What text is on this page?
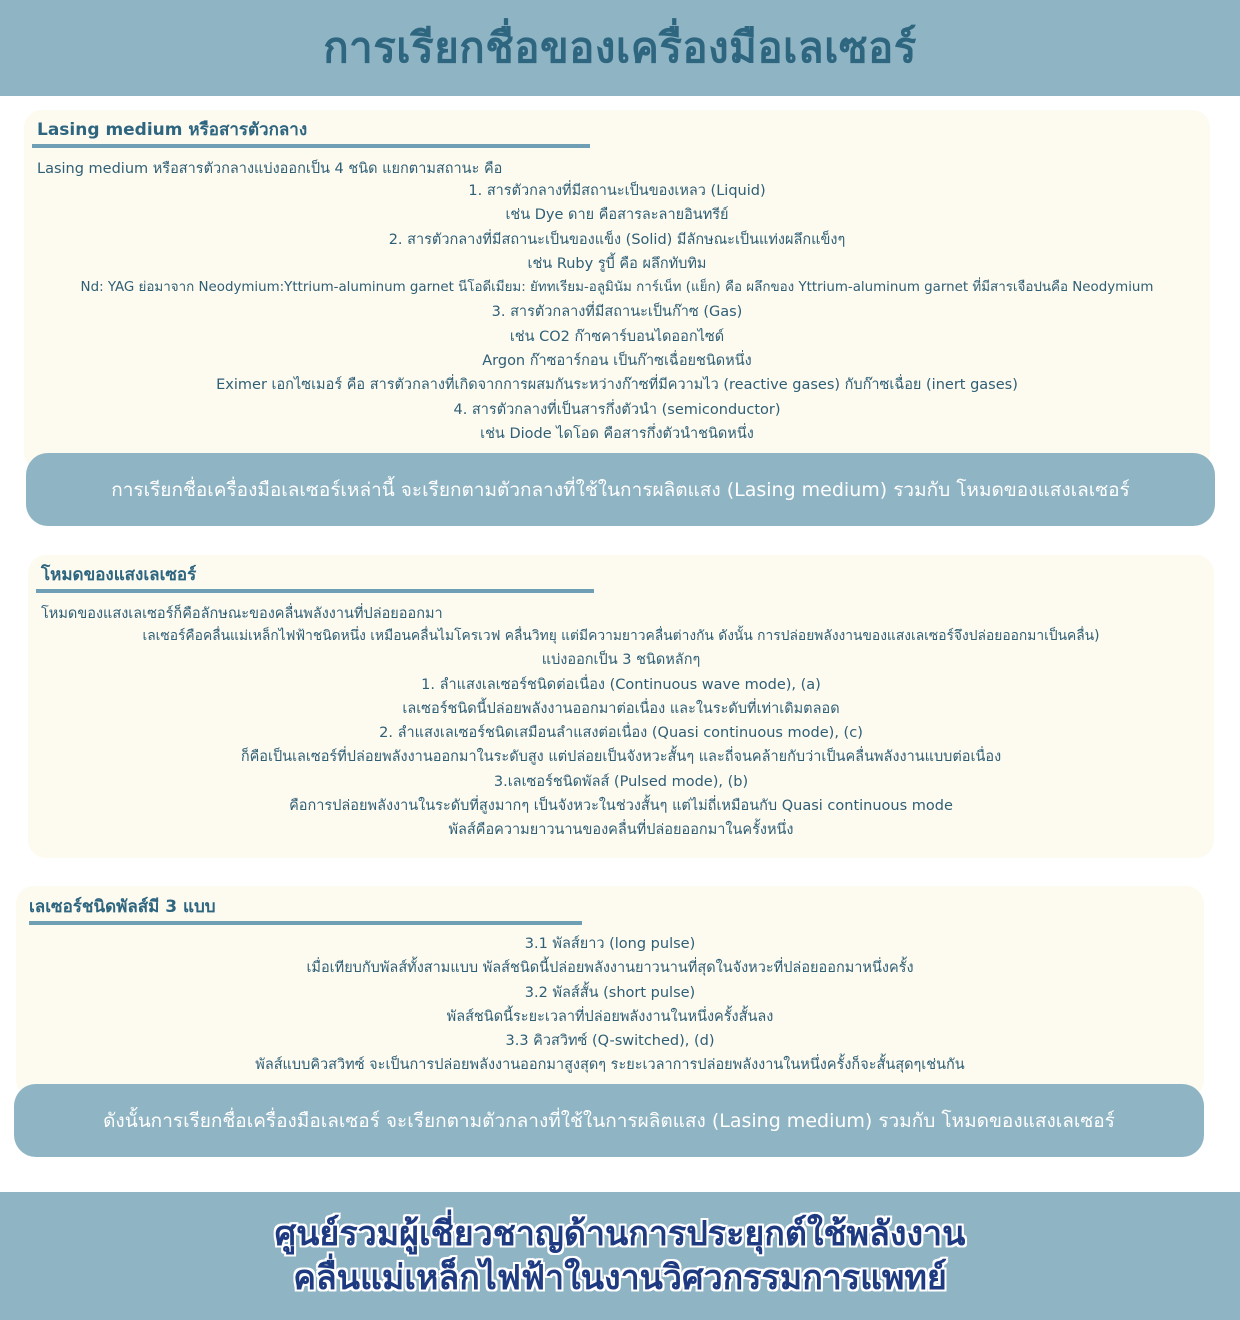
การเรียกชื่อของเครื่องมือเลเซอร์
Lasing medium หรือสารตัวกลาง
Lasing medium หรือสารตัวกลางแบ่งออกเป็น 4 ชนิด แยกตามสถานะ คือ
1. สารตัวกลางที่มีสถานะเป็นของเหลว (Liquid)
เช่น Dye ดาย คือสารละลายอินทรีย์
2. สารตัวกลางที่มีสถานะเป็นของแข็ง (Solid) มีลักษณะเป็นแท่งผลึกแข็งๆ
เช่น Ruby รูบี้ คือ ผลึกทับทิม
Nd: YAG ย่อมาจาก Neodymium:Yttrium-aluminum garnet นีโอดีเมียม: ยัททเรียม-อลูมินัม การ์เน็ท (แย็ก) คือ ผลึกของ Yttrium-aluminum garnet ที่มีสารเจือปนคือ Neodymium
3. สารตัวกลางที่มีสถานะเป็นก๊าซ (Gas)
เช่น CO2 ก๊าซคาร์บอนไดออกไซด์
Argon ก๊าซอาร์กอน เป็นก๊าซเฉื่อยชนิดหนึ่ง
Eximer เอกไซเมอร์ คือ สารตัวกลางที่เกิดจากการผสมกันระหว่างก๊าซที่มีความไว (reactive gases) กับก๊าซเฉื่อย (inert gases)
4. สารตัวกลางที่เป็นสารกึ่งตัวนำ (semiconductor)
เช่น Diode ไดโอด คือสารกึ่งตัวนำชนิดหนึ่ง
การเรียกชื่อเครื่องมือเลเซอร์เหล่านี้ จะเรียกตามตัวกลางที่ใช้ในการผลิตแสง (Lasing medium) รวมกับ โหมดของแสงเลเซอร์
โหมดของแสงเลเซอร์
โหมดของแสงเลเซอร์ก็คือลักษณะของคลื่นพลังงานที่ปล่อยออกมา
เลเซอร์คือคลื่นแม่เหล็กไฟฟ้าชนิดหนึ่ง เหมือนคลื่นไมโครเวฟ คลื่นวิทยุ แต่มีความยาวคลื่นต่างกัน ดังนั้น การปล่อยพลังงานของแสงเลเซอร์จึงปล่อยออกมาเป็นคลื่น)
แบ่งออกเป็น 3 ชนิดหลักๆ
1. ลำแสงเลเซอร์ชนิดต่อเนื่อง (Continuous wave mode), (a)
เลเซอร์ชนิดนี้ปล่อยพลังงานออกมาต่อเนื่อง และในระดับที่เท่าเดิมตลอด
2. ลำแสงเลเซอร์ชนิดเสมือนลำแสงต่อเนื่อง (Quasi continuous mode), (c)
ก็คือเป็นเลเซอร์ที่ปล่อยพลังงานออกมาในระดับสูง แต่ปล่อยเป็นจังหวะสั้นๆ และถี่จนคล้ายกับว่าเป็นคลื่นพลังงานแบบต่อเนื่อง
3.เลเซอร์ชนิดพัลส์ (Pulsed mode), (b)
คือการปล่อยพลังงานในระดับที่สูงมากๆ เป็นจังหวะในช่วงสั้นๆ แต่ไม่ถี่เหมือนกับ Quasi continuous mode
พัลส์คือความยาวนานของคลื่นที่ปล่อยออกมาในครั้งหนึ่ง
เลเซอร์ชนิดพัลส์มี 3 แบบ
3.1 พัลส์ยาว (long pulse)
เมื่อเทียบกับพัลส์ทั้งสามแบบ พัลส์ชนิดนี้ปล่อยพลังงานยาวนานที่สุดในจังหวะที่ปล่อยออกมาหนึ่งครั้ง
3.2 พัลส์สั้น (short pulse)
พัลส์ชนิดนี้ระยะเวลาที่ปล่อยพลังงานในหนึ่งครั้งสั้นลง
3.3 คิวสวิทซ์ (Q-switched), (d)
พัลส์แบบคิวสวิทซ์ จะเป็นการปล่อยพลังงานออกมาสูงสุดๆ ระยะเวลาการปล่อยพลังงานในหนึ่งครั้งก็จะสั้นสุดๆเช่นกัน
ดังนั้นการเรียกชื่อเครื่องมือเลเซอร์ จะเรียกตามตัวกลางที่ใช้ในการผลิตแสง (Lasing medium) รวมกับ โหมดของแสงเลเซอร์
ศูนย์รวมผู้เชี่ยวชาญด้านการประยุกต์ใช้พลังงาน
คลื่นแม่เหล็กไฟฟ้าในงานวิศวกรรมการแพทย์
